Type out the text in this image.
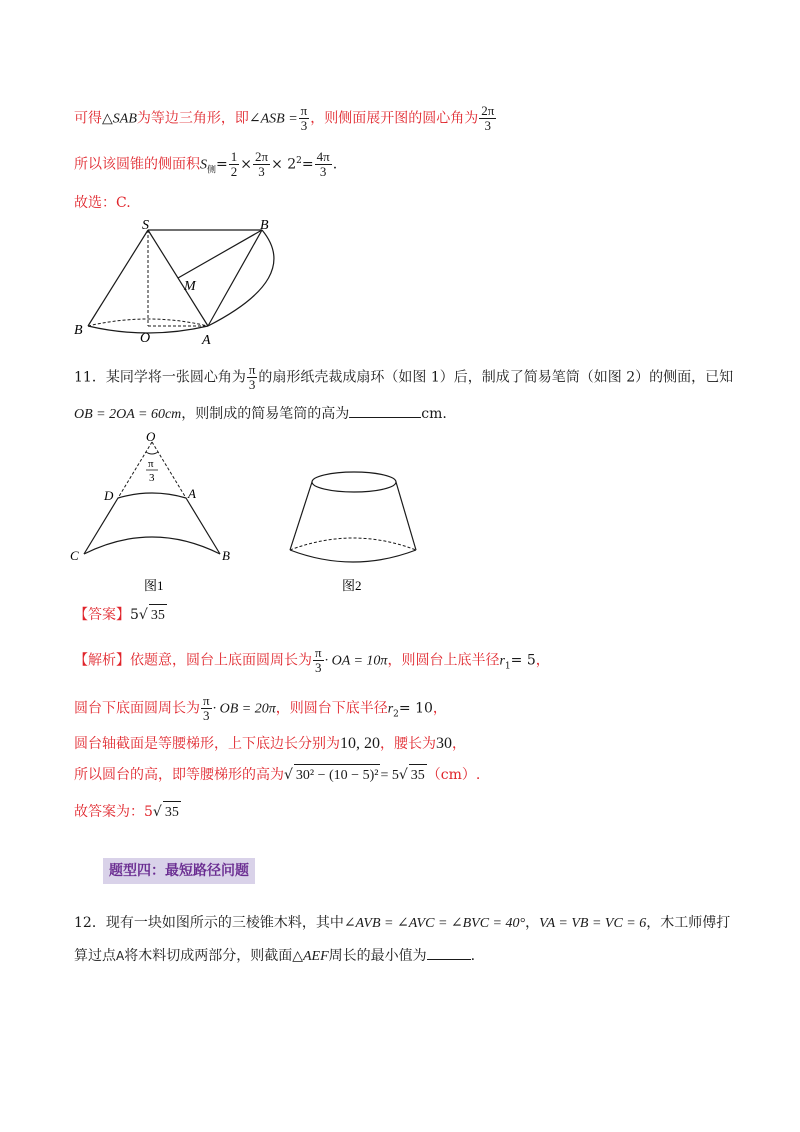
可得△SAB为等边三角形，即∠ASB = $\frac{\pi}{3}$ ，则侧面展开图的圆心角为 $\frac{2\pi}{3}$
所以该圆锥的侧面积$S_侧= \frac{1}{2} \times \frac{2\pi}{3} \times 2^2= \frac{4\pi}{3}$ .
故选：C.
S	B
M
B
O	A
11．某同学将一张圆心角为 $\frac{\pi}{3}$ 的扇形纸壳裁成扇环（如图 1）后，制成了简易笔筒（如图 2）的侧面，已知
OB = 2OA = 60cm，则制成的简易笔筒的高为	cm.
O
π
3
D	A
C	B
图1	图2
【答案】5√ 35
【解析】依题意，圆台上底面圆周长为 $\frac{\pi}{3}$ · OA = 10π，则圆台上底半径$r_1= 5$，
圆台下底面圆周长为 $\frac{\pi}{3}$ · OB = 20π，则圆台下底半径$r_2= 10$，
圆台轴截面是等腰梯形，上下底边长分别为10, 20，腰长为30，
所以圆台的高，即等腰梯形的高为√ 30² − (10 − 5)² = 5√ 35 （cm）.
故答案为：5√ 35
题型四：最短路径问题
12．现有一块如图所示的三棱锥木料，其中∠AVB = ∠AVC = ∠BVC = 40°，VA = VB = VC = 6，木工师傅打
算过点A将木料切成两部分，则截面△AEF周长的最小值为	.
